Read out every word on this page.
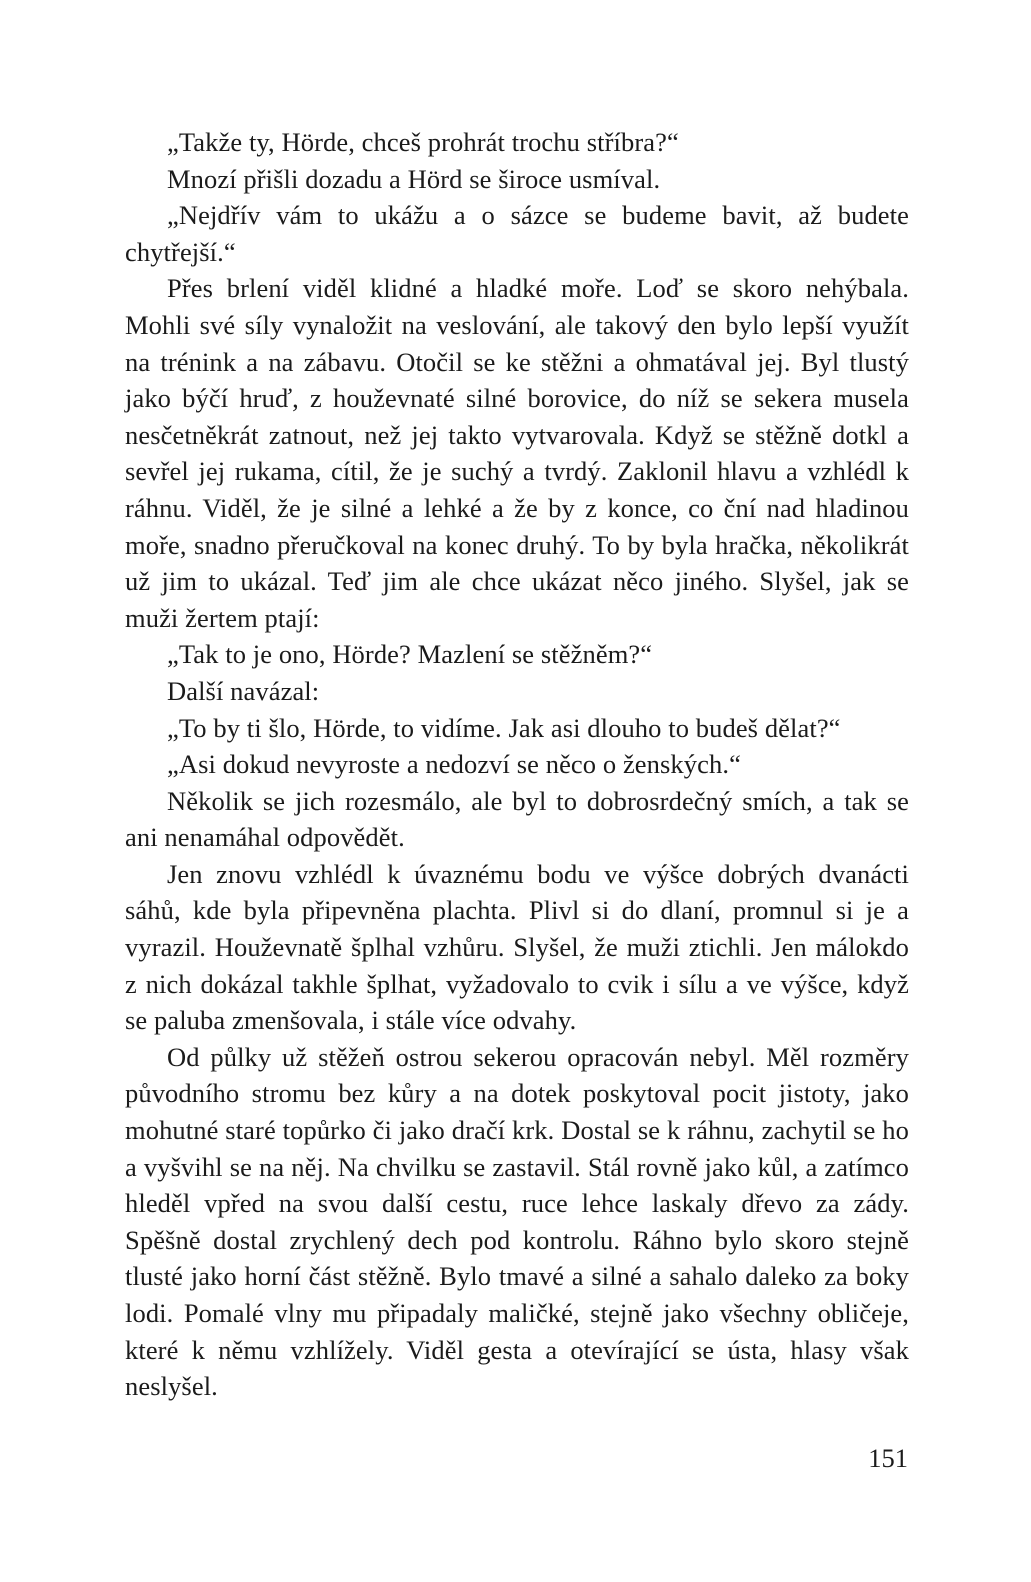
„Takže ty, Hörde, chceš prohrát trochu stříbra?“

Mnozí přišli dozadu a Hörd se široce usmíval.

„Nejdřív vám to ukážu a o sázce se budeme bavit, až budete chytřejší.“

Přes brlení viděl klidné a hladké moře. Loď se skoro nehýbala. Mohli své síly vynaložit na veslování, ale takový den bylo lepší využít na trénink a na zábavu. Otočil se ke stěžni a ohmatával jej. Byl tlustý jako býčí hruď, z houževnaté silné borovice, do níž se sekera musela nesčetněkrát zatnout, než jej takto vytvarovala. Když se stěžně dotkl a sevřel jej rukama, cítil, že je suchý a tvrdý. Zaklonil hlavu a vzhlédl k ráhnu. Viděl, že je silné a lehké a že by z konce, co ční nad hladinou moře, snadno přeručkoval na konec druhý. To by byla hračka, několikrát už jim to ukázal. Teď jim ale chce ukázat něco jiného. Slyšel, jak se muži žertem ptají:

„Tak to je ono, Hörde? Mazlení se stěžněm?“

Další navázal:

„To by ti šlo, Hörde, to vidíme. Jak asi dlouho to budeš dělat?“

„Asi dokud nevyroste a nedozví se něco o ženských.“

Několik se jich rozesmálo, ale byl to dobrosrdečný smích, a tak se ani nenamáhal odpovědět.

Jen znovu vzhlédl k úvaznému bodu ve výšce dobrých dvanácti sáhů, kde byla připevněna plachta. Plivl si do dlaní, promnul si je a vyrazil. Houževnatě šplhal vzhůru. Slyšel, že muži ztichli. Jen málokdo z nich dokázal takhle šplhat, vyžadovalo to cvik i sílu a ve výšce, když se paluba zmenšovala, i stále více odvahy.

Od půlky už stěžeň ostrou sekerou opracován nebyl. Měl rozměry původního stromu bez kůry a na dotek poskytoval pocit jistoty, jako mohutné staré topůrko či jako dračí krk. Dostal se k ráhnu, zachytil se ho a vyšvihl se na něj. Na chvilku se zastavil. Stál rovně jako kůl, a zatímco hleděl vpřed na svou další cestu, ruce lehce laskaly dřevo za zády. Spěšně dostal zrychlený dech pod kontrolu. Ráhno bylo skoro stejně tlusté jako horní část stěžně. Bylo tmavé a silné a sahalo daleko za boky lodi. Pomalé vlny mu připadaly maličké, stejně jako všechny obličeje, které k němu vzhlížely. Viděl gesta a otevírající se ústa, hlasy však neslyšel.

151
